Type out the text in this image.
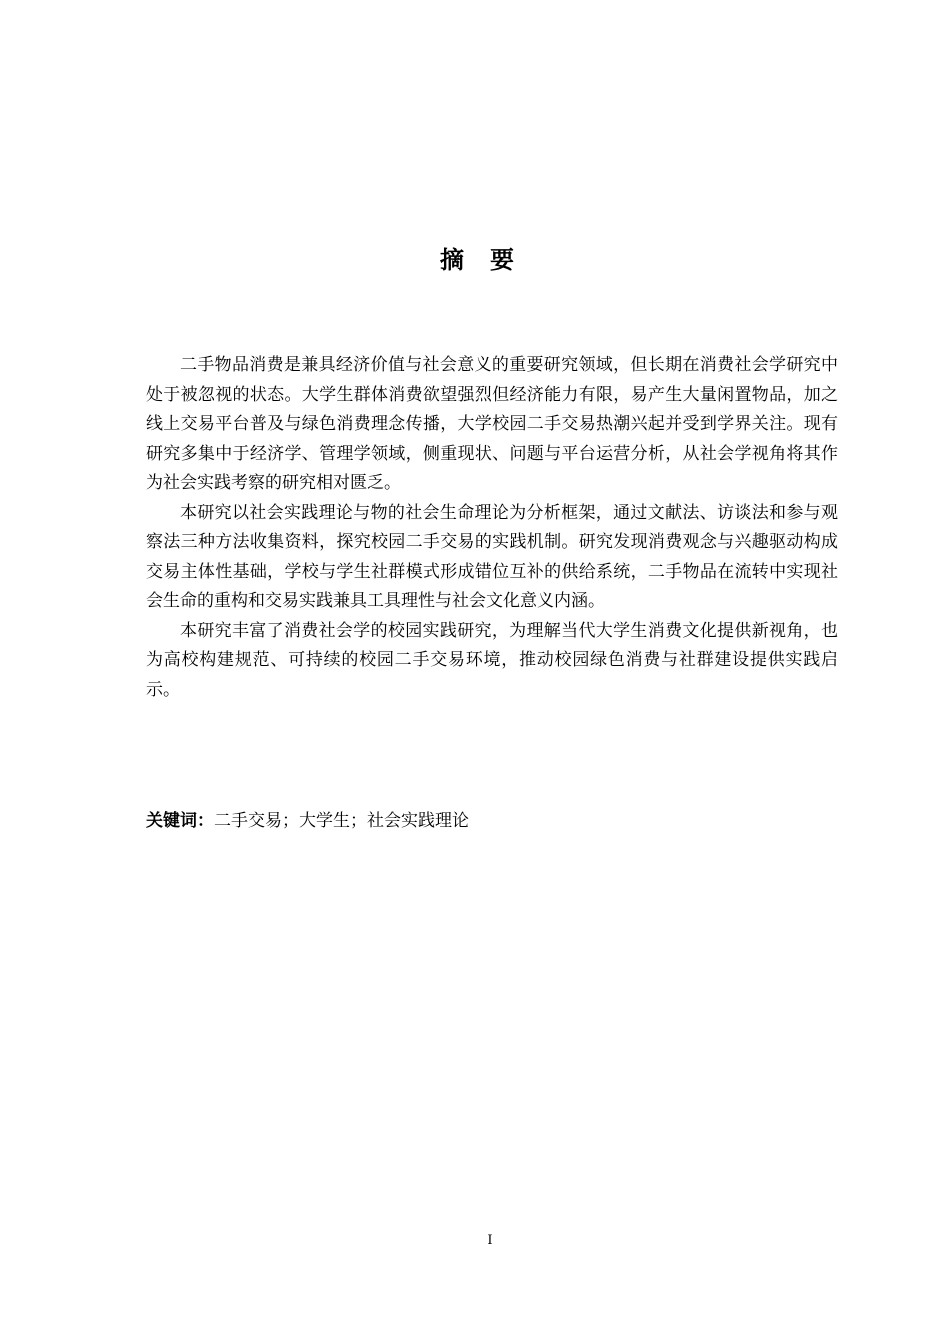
摘要

二手物品消费是兼具经济价值与社会意义的重要研究领域，但长期在消费社会学研究中处于被忽视的状态。大学生群体消费欲望强烈但经济能力有限，易产生大量闲置物品，加之线上交易平台普及与绿色消费理念传播，大学校园二手交易热潮兴起并受到学界关注。现有研究多集中于经济学、管理学领域，侧重现状、问题与平台运营分析，从社会学视角将其作为社会实践考察的研究相对匮乏。

本研究以社会实践理论与物的社会生命理论为分析框架，通过文献法、访谈法和参与观察法三种方法收集资料，探究校园二手交易的实践机制。研究发现消费观念与兴趣驱动构成交易主体性基础，学校与学生社群模式形成错位互补的供给系统，二手物品在流转中实现社会生命的重构和交易实践兼具工具理性与社会文化意义内涵。

本研究丰富了消费社会学的校园实践研究，为理解当代大学生消费文化提供新视角，也为高校构建规范、可持续的校园二手交易环境，推动校园绿色消费与社群建设提供实践启示。

关键词：二手交易；大学生；社会实践理论
I
